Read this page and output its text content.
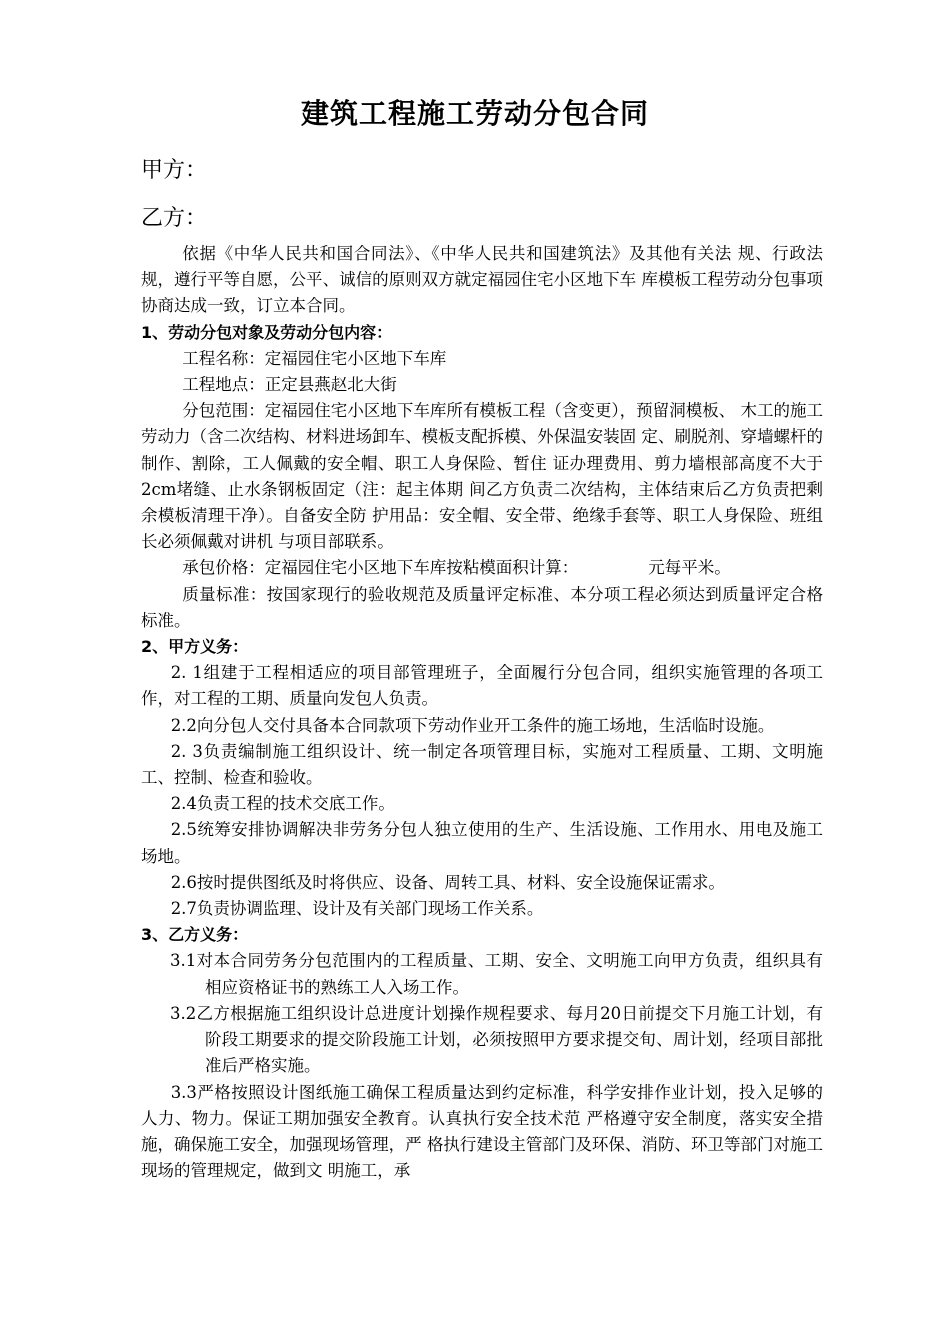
建筑工程施工劳动分包合同
甲方：
乙方：

依据《中华人民共和国合同法》、《中华人民共和国建筑法》及其他有关法 规、行政法规，遵行平等自愿，公平、诚信的原则双方就定福园住宅小区地下车 库模板工程劳动分包事项协商达成一致，订立本合同。

1、劳动分包对象及劳动分包内容：

工程名称：定福园住宅小区地下车库

工程地点：正定县燕赵北大街

分包范围：定福园住宅小区地下车库所有模板工程（含变更），预留洞模板、 木工的施工劳动力（含二次结构、材料进场卸车、模板支配拆模、外保温安装固 定、刷脱剂、穿墙螺杆的制作、割除，工人佩戴的安全帽、职工人身保险、暂住 证办理费用、剪力墙根部高度不大于2cm堵缝、止水条钢板固定（注：起主体期 间乙方负责二次结构，主体结束后乙方负责把剩余模板清理干净）。自备安全防 护用品：安全帽、安全带、绝缘手套等、职工人身保险、班组长必须佩戴对讲机 与项目部联系。

承包价格：定福园住宅小区地下车库按粘模面积计算：	元每平米。

质量标准：按国家现行的验收规范及质量评定标准、本分项工程必须达到质量评定合格标准。

2、甲方义务：

2. 1组建于工程相适应的项目部管理班子，全面履行分包合同，组织实施管理的各项工作，对工程的工期、质量向发包人负责。

2.2向分包人交付具备本合同款项下劳动作业开工条件的施工场地，生活临时设施。

2. 3负责编制施工组织设计、统一制定各项管理目标，实施对工程质量、工期、文明施工、控制、检查和验收。

2.4负责工程的技术交底工作。

2.5统筹安排协调解决非劳务分包人独立使用的生产、生活设施、工作用水、用电及施工场地。

2.6按时提供图纸及时将供应、设备、周转工具、材料、安全设施保证需求。

2.7负责协调监理、设计及有关部门现场工作关系。

3、乙方义务：

3.1对本合同劳务分包范围内的工程质量、工期、安全、文明施工向甲方负责，组织具有相应资格证书的熟练工人入场工作。

3.2乙方根据施工组织设计总进度计划操作规程要求、每月20日前提交下月施工计划，有阶段工期要求的提交阶段施工计划，必须按照甲方要求提交旬、周计划，经项目部批准后严格实施。

3.3严格按照设计图纸施工确保工程质量达到约定标准，科学安排作业计划，投入足够的人力、物力。保证工期加强安全教育。认真执行安全技术范 严格遵守安全制度，落实安全措施，确保施工安全，加强现场管理，严 格执行建设主管部门及环保、消防、环卫等部门对施工现场的管理规定，做到文 明施工，承
